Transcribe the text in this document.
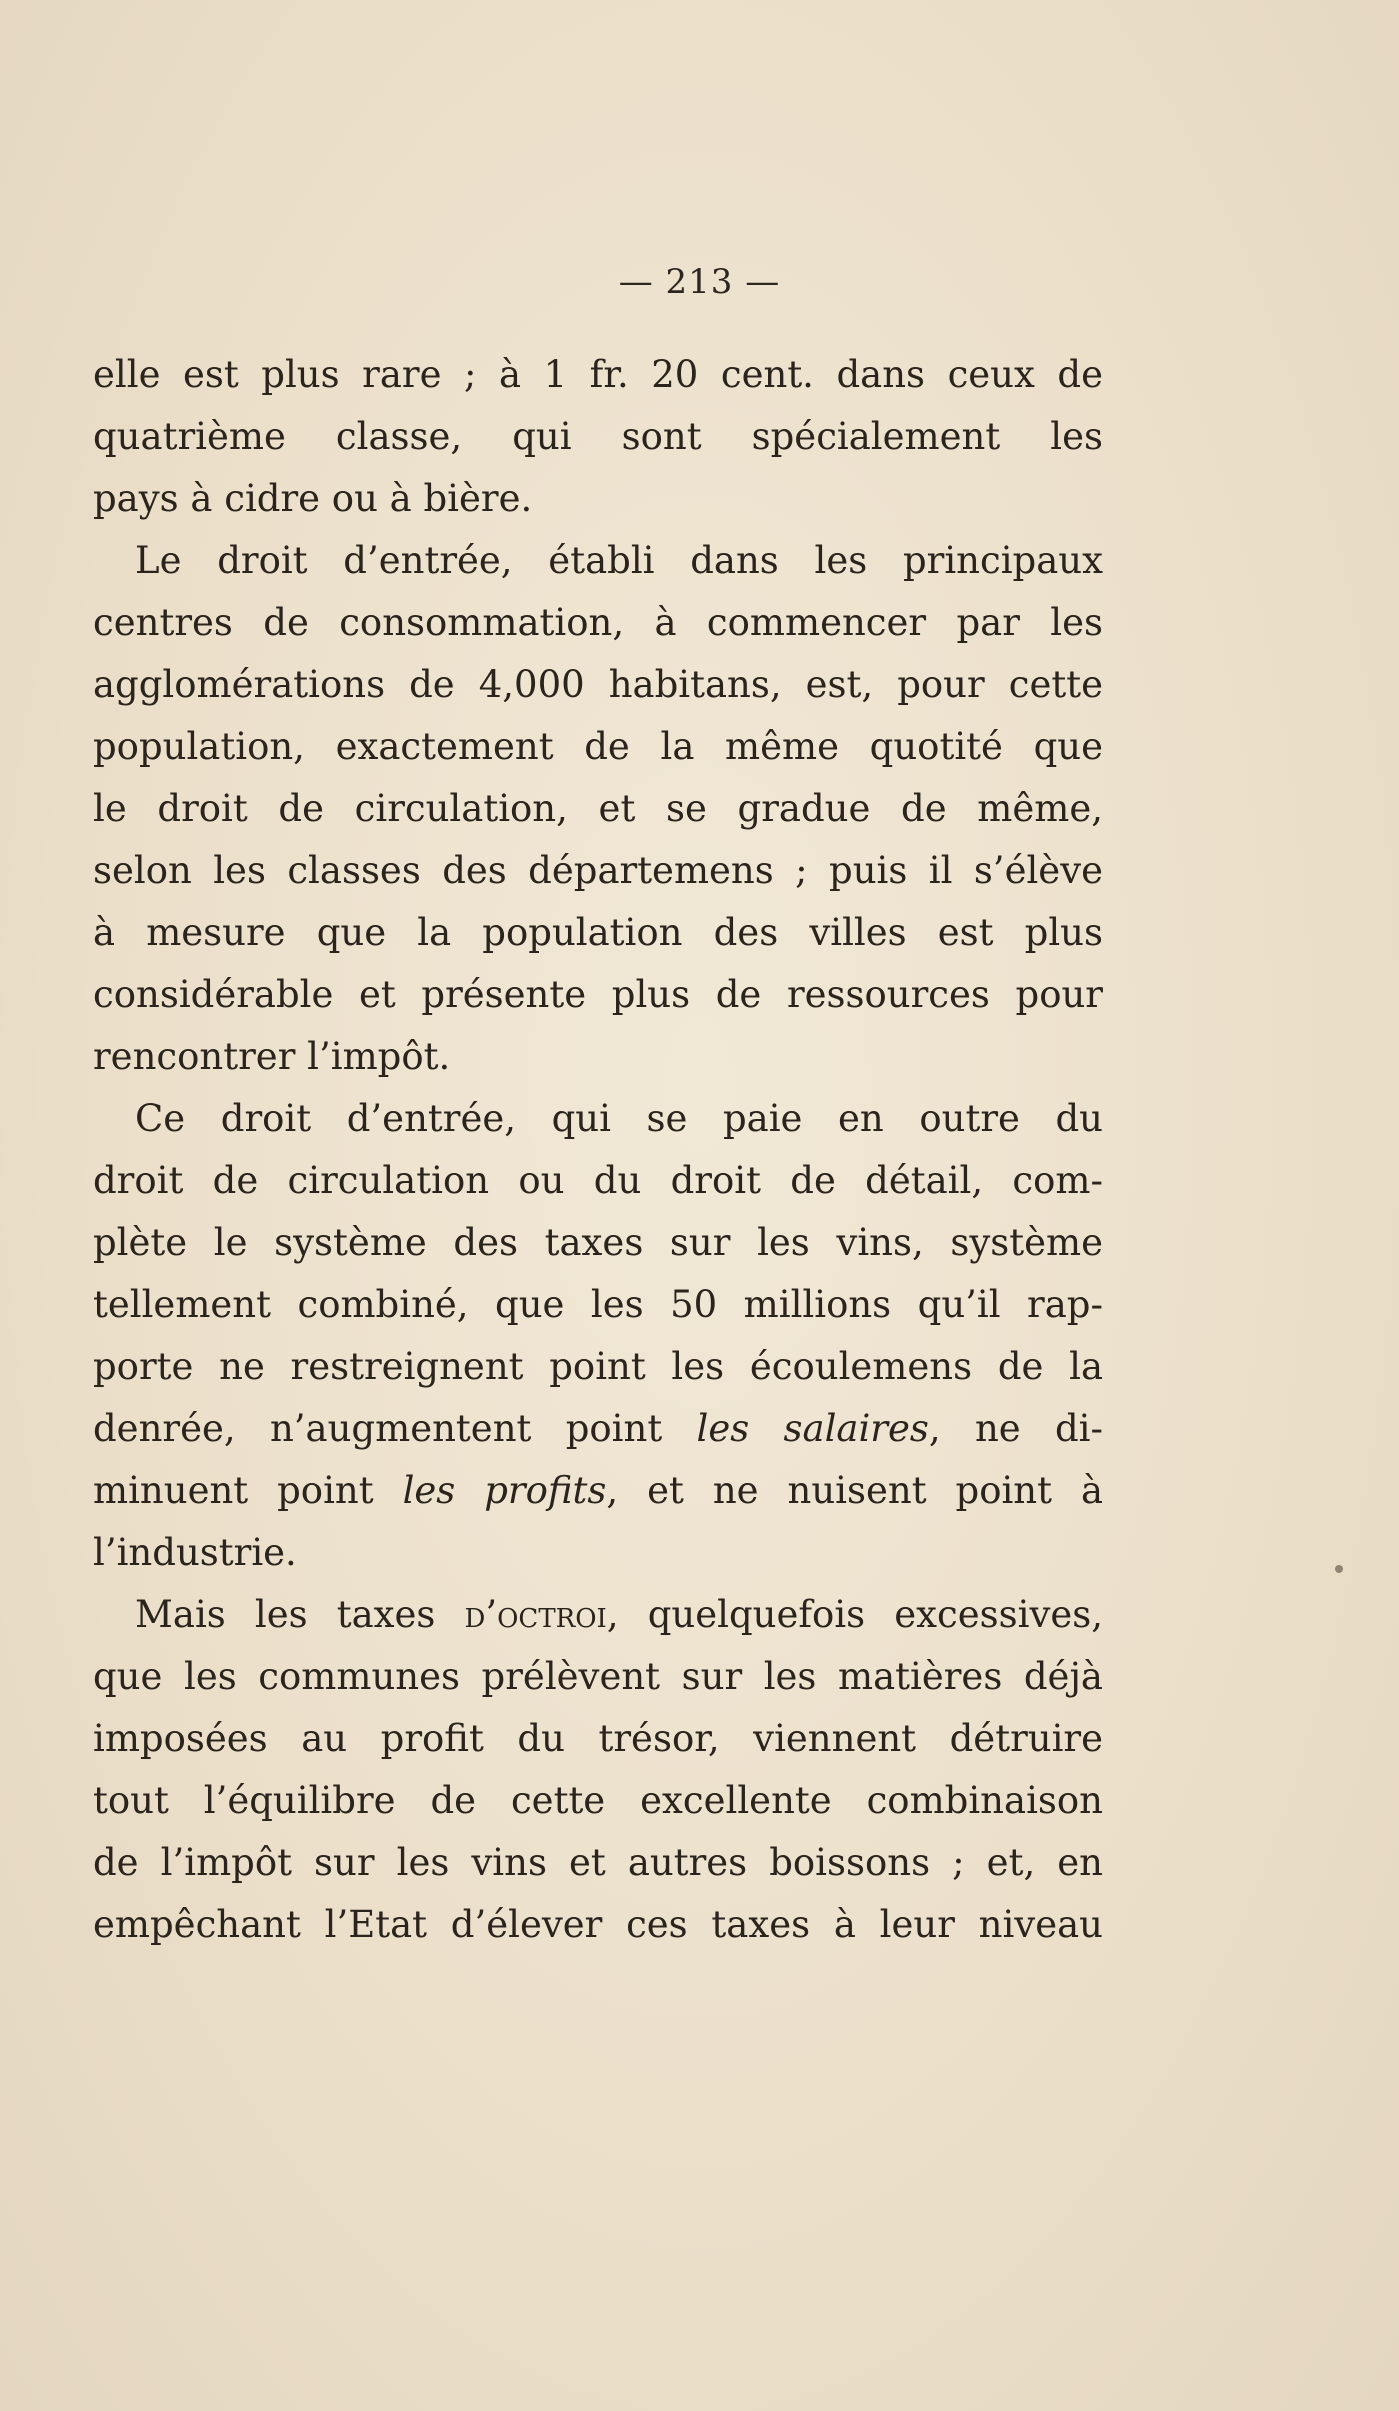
— 213 —
elle est plus rare ; à 1 fr. 20 cent. dans ceux de
quatrième classe, qui sont spécialement les
pays à cidre ou à bière.
Le droit d’entrée, établi dans les principaux
centres de consommation, à commencer par les
agglomérations de 4,000 habitans, est, pour cette
population, exactement de la même quotité que
le droit de circulation, et se gradue de même,
selon les classes des départemens ; puis il s’élève
à mesure que la population des villes est plus
considérable et présente plus de ressources pour
rencontrer l’impôt.
Ce droit d’entrée, qui se paie en outre du
droit de circulation ou du droit de détail, com-
plète le système des taxes sur les vins, système
tellement combiné, que les 50 millions qu’il rap-
porte ne restreignent point les écoulemens de la
denrée, n’augmentent point les salaires, ne di-
minuent point les profits, et ne nuisent point à
l’industrie.
Mais les taxes d’octroi, quelquefois excessives,
que les communes prélèvent sur les matières déjà
imposées au profit du trésor, viennent détruire
tout l’équilibre de cette excellente combinaison
de l’impôt sur les vins et autres boissons ; et, en
empêchant l’Etat d’élever ces taxes à leur niveau
